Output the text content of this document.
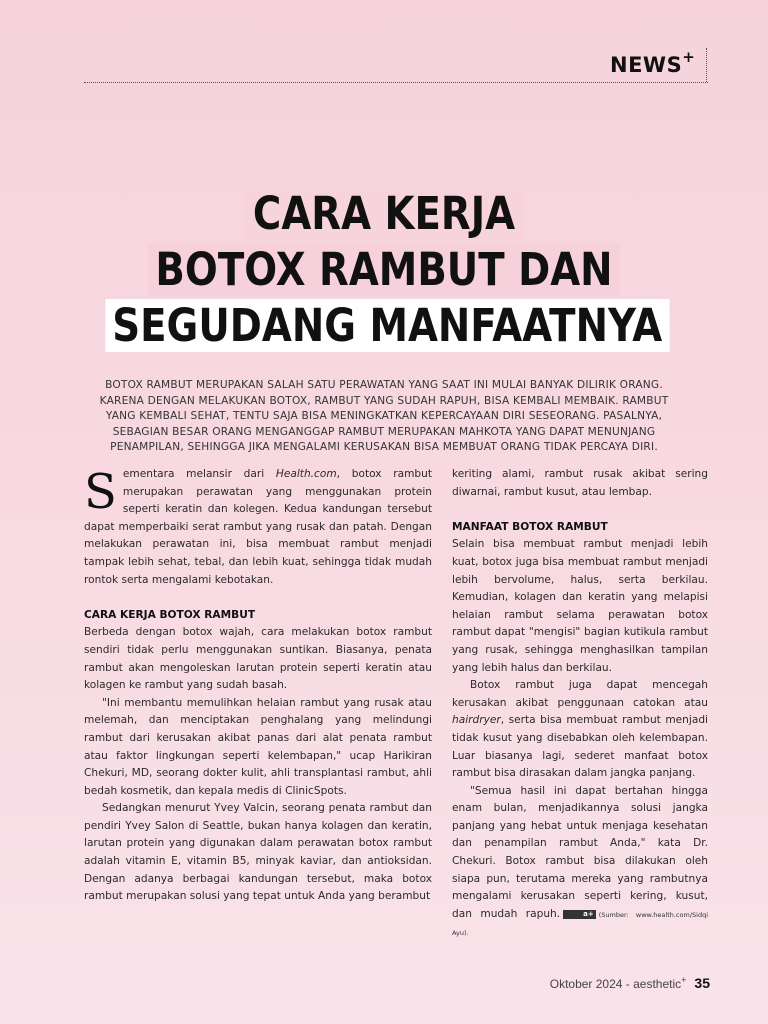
NEWS+
CARA KERJA
BOTOX RAMBUT DAN
SEGUDANG MANFAATNYA
BOTOX RAMBUT MERUPAKAN SALAH SATU PERAWATAN YANG SAAT INI MULAI BANYAK DILIRIK ORANG. KARENA DENGAN MELAKUKAN BOTOX, RAMBUT YANG SUDAH RAPUH, BISA KEMBALI MEMBAIK. RAMBUT YANG KEMBALI SEHAT, TENTU SAJA BISA MENINGKATKAN KEPERCAYAAN DIRI SESEORANG. PASALNYA, SEBAGIAN BESAR ORANG MENGANGGAP RAMBUT MERUPAKAN MAHKOTA YANG DAPAT MENUNJANG PENAMPILAN, SEHINGGA JIKA MENGALAMI KERUSAKAN BISA MEMBUAT ORANG TIDAK PERCAYA DIRI.

Sementara melansir dari Health.com, botox rambut merupakan perawatan yang menggunakan protein seperti keratin dan kolegen. Kedua kandungan tersebut dapat memperbaiki serat rambut yang rusak dan patah. Dengan melakukan perawatan ini, bisa membuat rambut menjadi tampak lebih sehat, tebal, dan lebih kuat, sehingga tidak mudah rontok serta mengalami kebotakan.

CARA KERJA BOTOX RAMBUT

Berbeda dengan botox wajah, cara melakukan botox rambut sendiri tidak perlu menggunakan suntikan. Biasanya, penata rambut akan mengoleskan larutan protein seperti keratin atau kolagen ke rambut yang sudah basah.

"Ini membantu memulihkan helaian rambut yang rusak atau melemah, dan menciptakan penghalang yang melindungi rambut dari kerusakan akibat panas dari alat penata rambut atau faktor lingkungan seperti kelembapan," ucap Harikiran Chekuri, MD, seorang dokter kulit, ahli transplantasi rambut, ahli bedah kosmetik, dan kepala medis di ClinicSpots.

Sedangkan menurut Yvey Valcin, seorang penata rambut dan pendiri Yvey Salon di Seattle, bukan hanya kolagen dan keratin, larutan protein yang digunakan dalam perawatan botox rambut adalah vitamin E, vitamin B5, minyak kaviar, dan antioksidan. Dengan adanya berbagai kandungan tersebut, maka botox rambut merupakan solusi yang tepat untuk Anda yang berambut

keriting alami, rambut rusak akibat sering diwarnai, rambut kusut, atau lembap.

MANFAAT BOTOX RAMBUT

Selain bisa membuat rambut menjadi lebih kuat, botox juga bisa membuat rambut menjadi lebih bervolume, halus, serta berkilau. Kemudian, kolagen dan keratin yang melapisi helaian rambut selama perawatan botox rambut dapat "mengisi" bagian kutikula rambut yang rusak, sehingga menghasilkan tampilan yang lebih halus dan berkilau.

Botox rambut juga dapat mencegah kerusakan akibat penggunaan catokan atau hairdryer, serta bisa membuat rambut menjadi tidak kusut yang disebabkan oleh kelembapan. Luar biasanya lagi, sederet manfaat botox rambut bisa dirasakan dalam jangka panjang.

"Semua hasil ini dapat bertahan hingga enam bulan, menjadikannya solusi jangka panjang yang hebat untuk menjaga kesehatan dan penampilan rambut Anda," kata Dr. Chekuri. Botox rambut bisa dilakukan oleh siapa pun, terutama mereka yang rambutnya mengalami kerusakan seperti kering, kusut, dan mudah rapuh.	a+ (Sumber: www.health.com/Sidqi Ayu).

Oktober 2024 - aesthetic+ 35
